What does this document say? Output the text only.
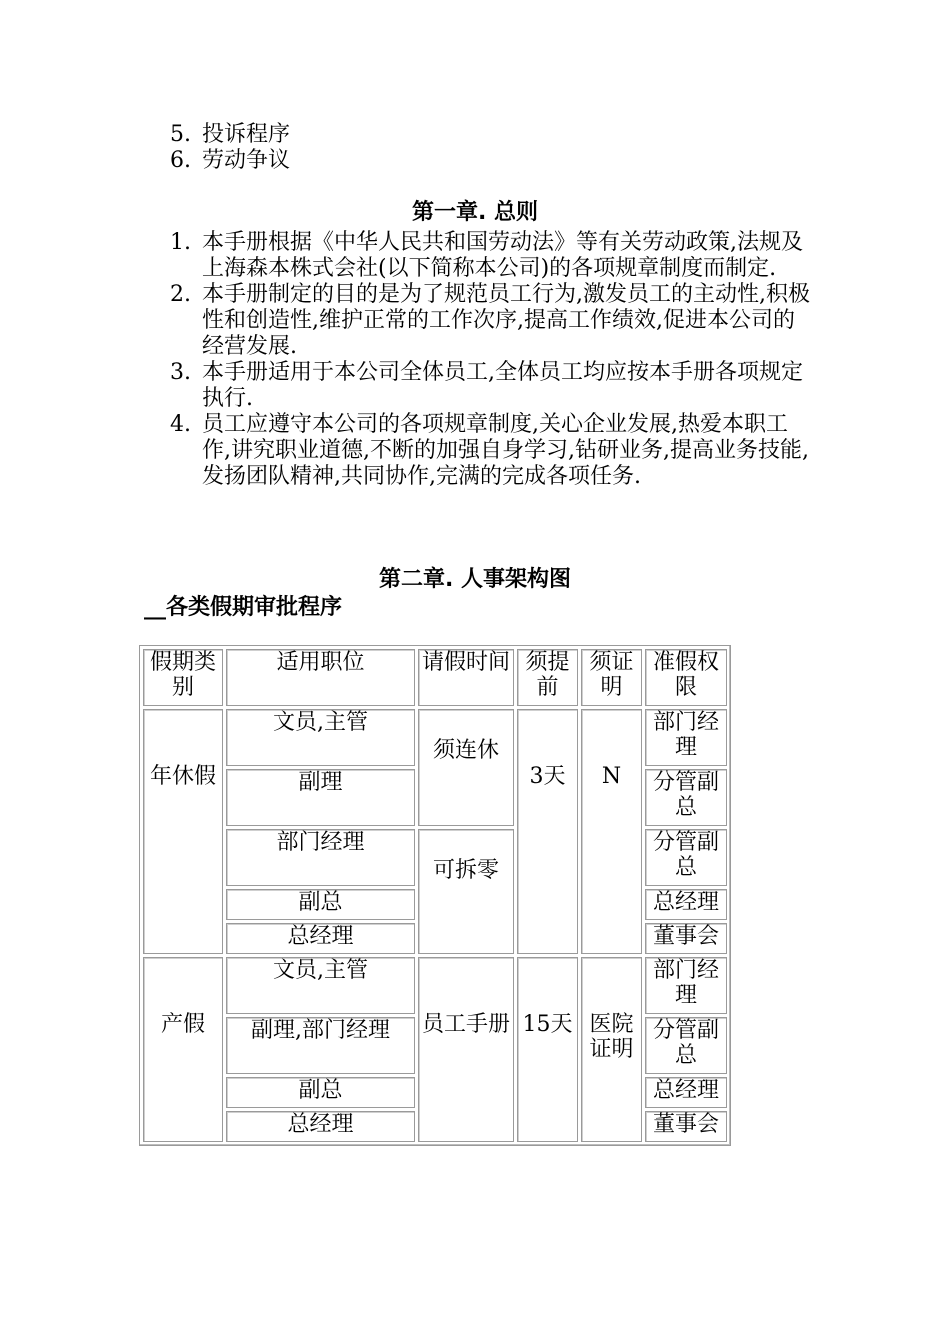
5. 投诉程序
6. 劳动争议
第一章. 总则
1. 本手册根据《中华人民共和国劳动法》等有关劳动政策,法规及上海森本株式会社(以下简称本公司)的各项规章制度而制定.
2. 本手册制定的目的是为了规范员工行为,激发员工的主动性,积极性和创造性,维护正常的工作次序,提高工作绩效,促进本公司的经营发展.
3. 本手册适用于本公司全体员工,全体员工均应按本手册各项规定执行.
4. 员工应遵守本公司的各项规章制度,关心企业发展,热爱本职工作,讲究职业道德,不断的加强自身学习,钻研业务,提高业务技能,发扬团队精神,共同协作,完满的完成各项任务.
第二章. 人事架构图
__各类假期审批程序
假期类别	适用职位	请假时间	须提前	须证明	准假权限
年休假	文员,主管	须连休	3天	N	部门经理
	副理				分管副总
	部门经理	可拆零			分管副总
	副总				总经理
	总经理				董事会
产假	文员,主管	员工手册	15天	医院证明	部门经理
	副理,部门经理				分管副总
	副总				总经理
	总经理				董事会
